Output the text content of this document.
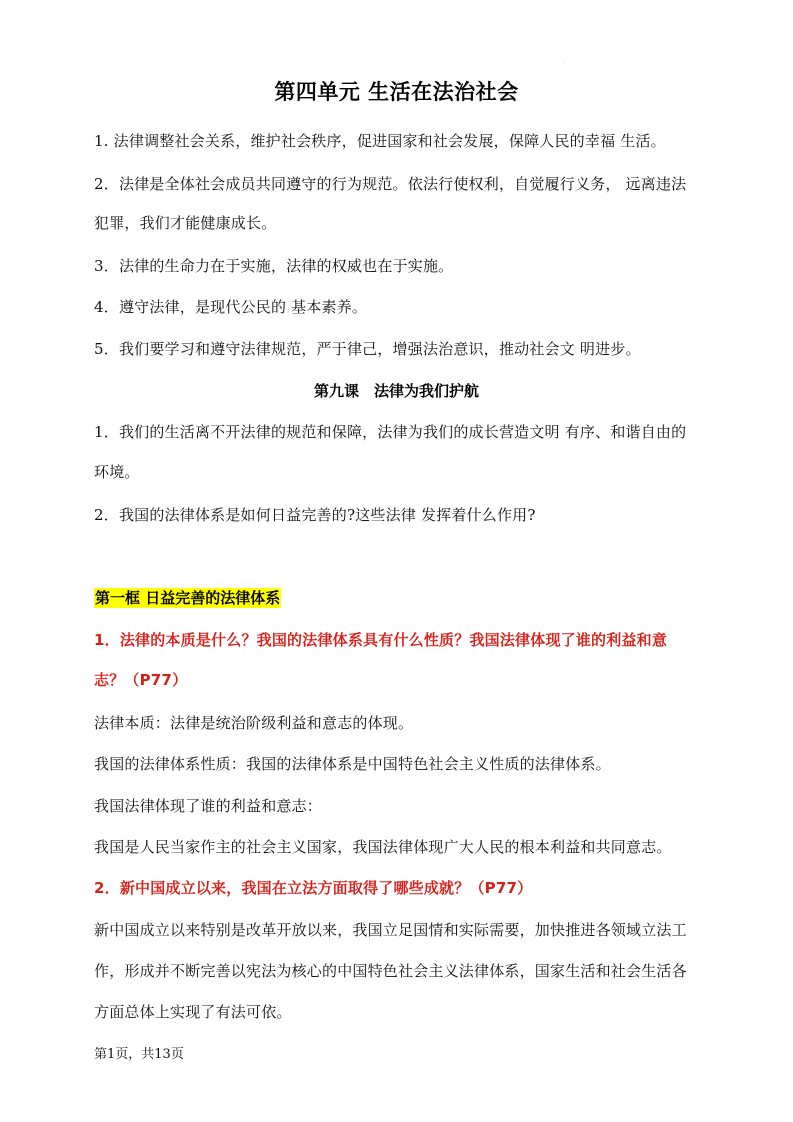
·
第四单元 生活在法治社会
1. 法律调整社会关系，维护社会秩序，促进国家和社会发展，保障人民的幸福 生活。
2．法律是全体社会成员共同遵守的行为规范。依法行使权利，自觉履行义务， 远离违法
犯罪，我们才能健康成长。
3．法律的生命力在于实施，法律的权威也在于实施。
4．遵守法律，是现代公民的 基本素养。
5．我们要学习和遵守法律规范，严于律己，增强法治意识，推动社会文 明进步。
第九课　法律为我们护航
1．我们的生活离不开法律的规范和保障，法律为我们的成长营造文明 有序、和谐自由的
环境。
2．我国的法律体系是如何日益完善的?这些法律 发挥着什么作用?
第一框 日益完善的法律体系
1．法律的本质是什么？我国的法律体系具有什么性质？我国法律体现了谁的利益和意
志？（P77）
法律本质：法律是统治阶级利益和意志的体现。
我国的法律体系性质：我国的法律体系是中国特色社会主义性质的法律体系。
我国法律体现了谁的利益和意志：
我国是人民当家作主的社会主义国家，我国法律体现广大人民的根本利益和共同意志。
2．新中国成立以来，我国在立法方面取得了哪些成就？（P77）
新中国成立以来特别是改革开放以来，我国立足国情和实际需要，加快推进各领域立法工
作，形成并不断完善以宪法为核心的中国特色社会主义法律体系，国家生活和社会生活各
方面总体上实现了有法可依。
第1页，共13页
